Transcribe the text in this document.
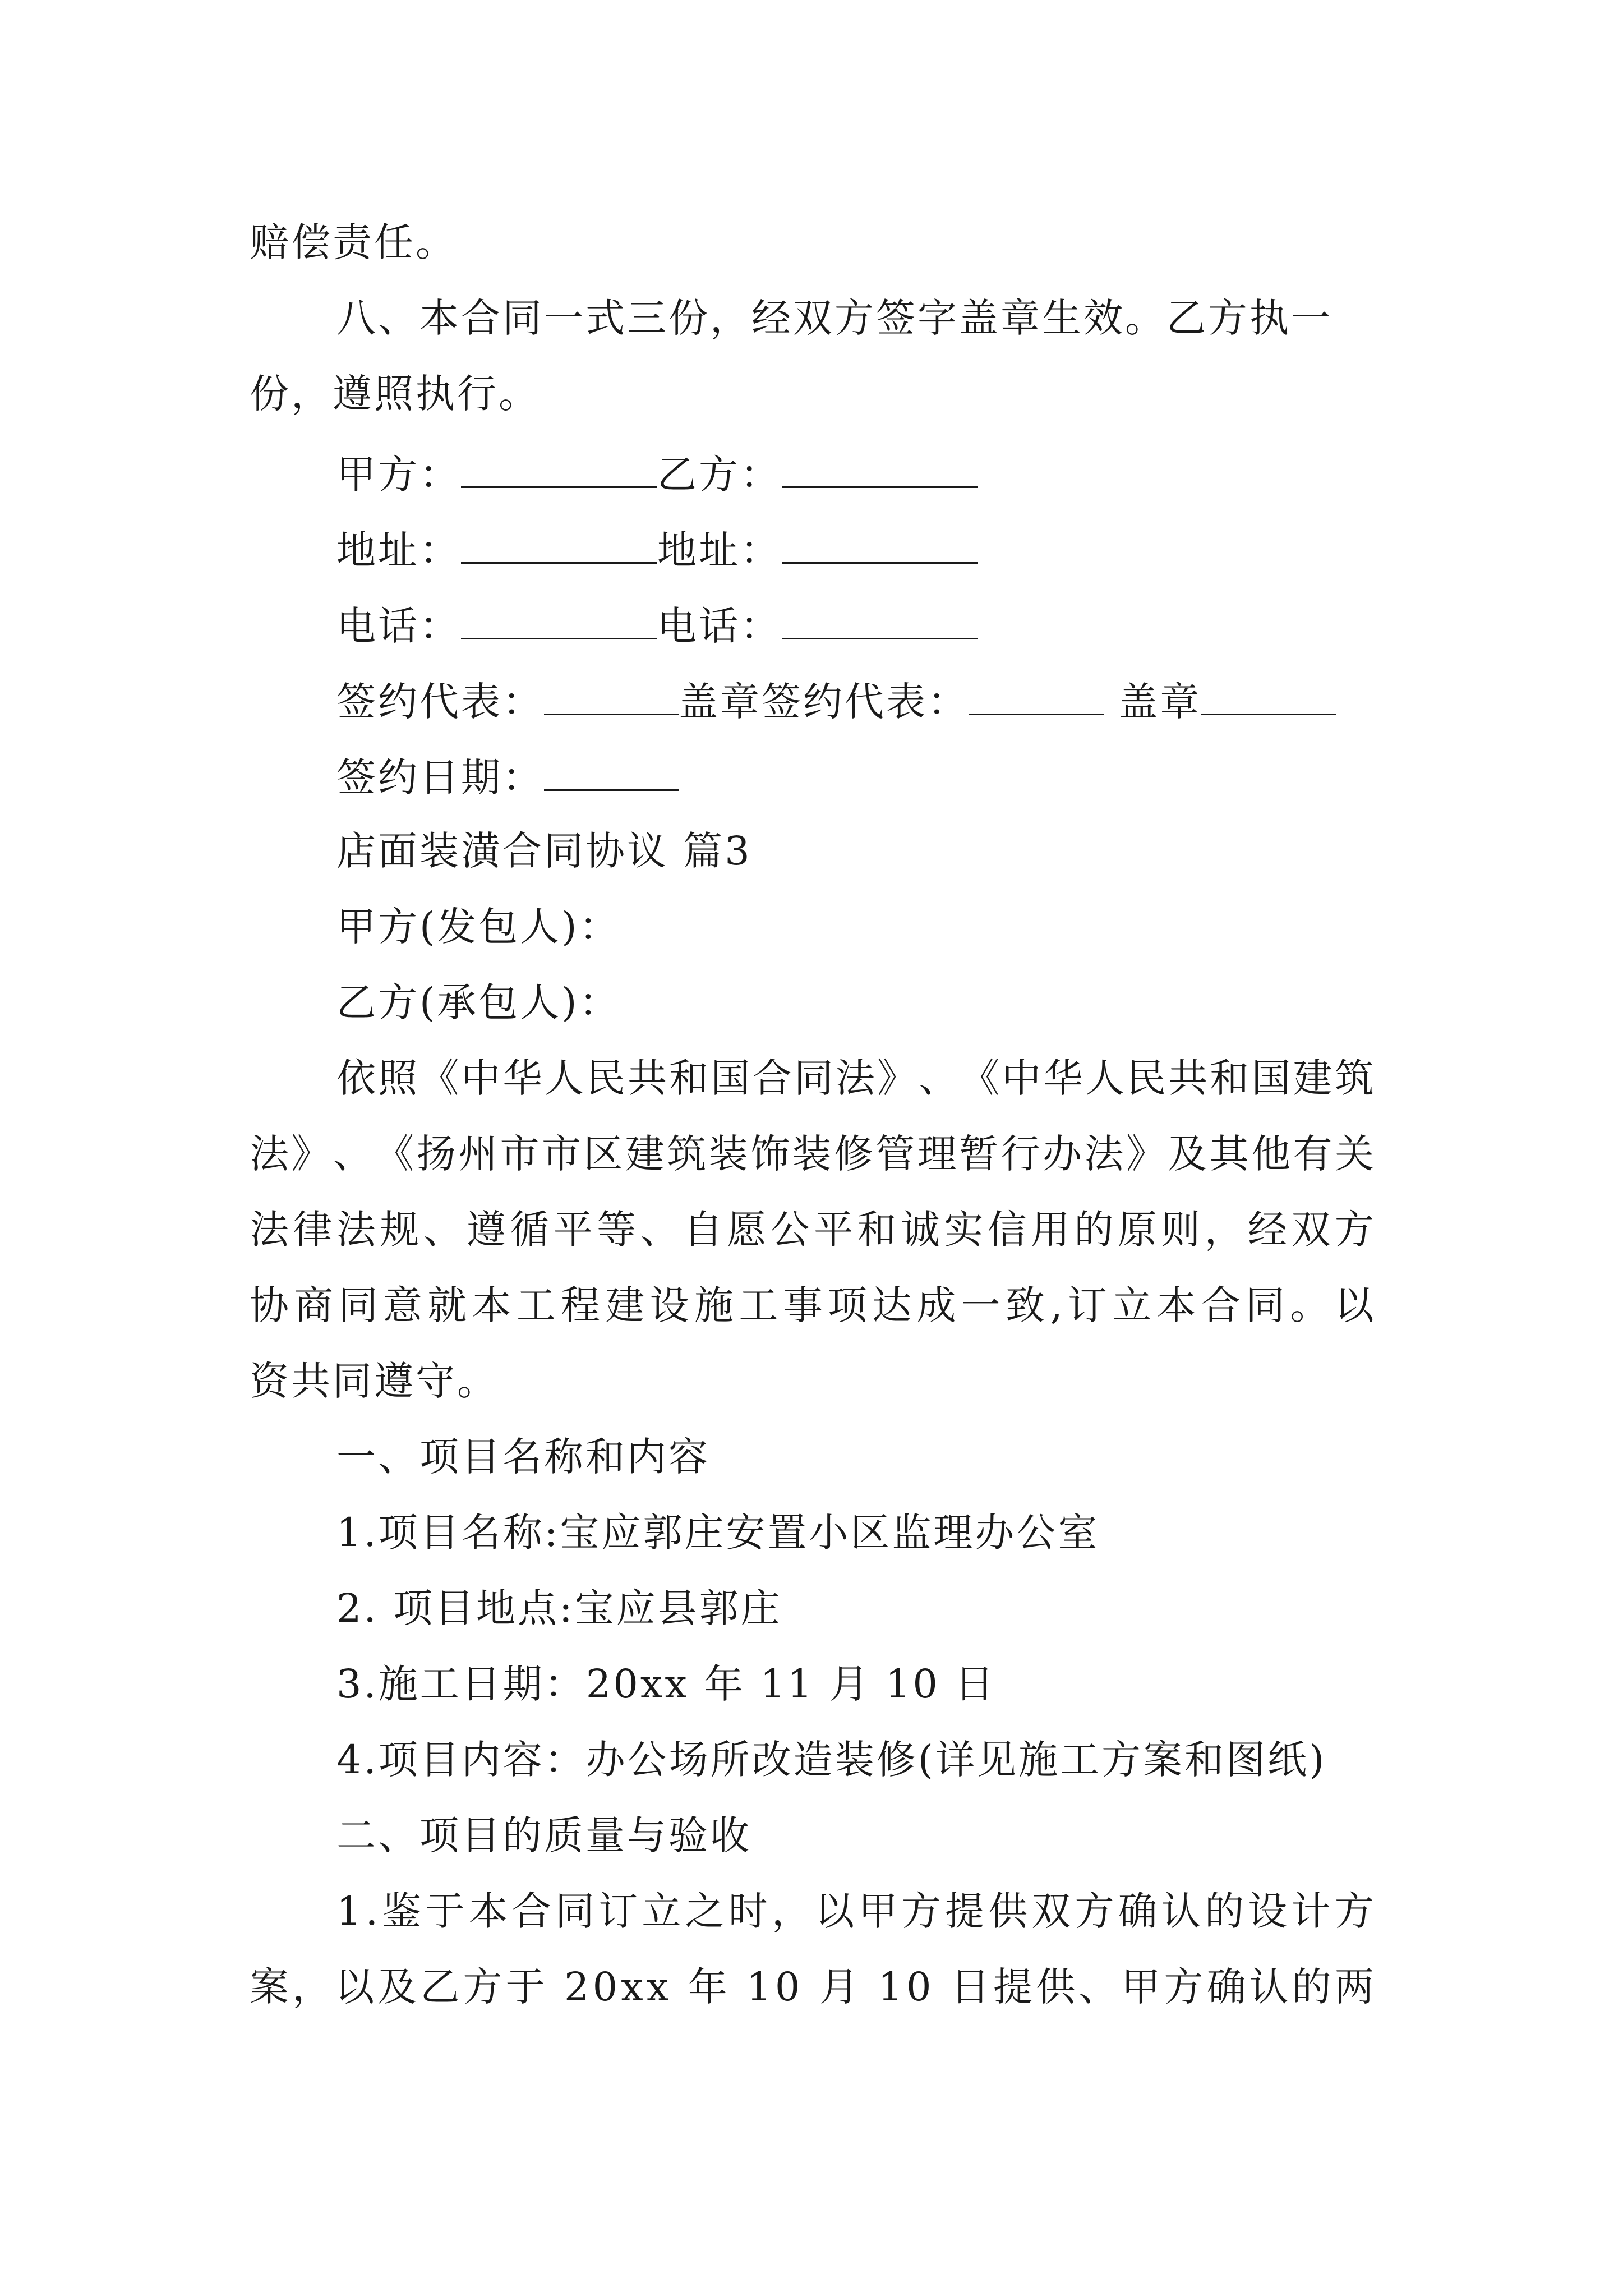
赔偿责任。
八、本合同一式三份，经双方签字盖章生效。乙方执一
份，遵照执行。
甲方：	乙方：
地址：	地址：
电话：	电话：
签约代表：	盖章签约代表：	盖章
签约日期：
店面装潢合同协议 篇3
甲方(发包人)：
乙方(承包人)：
依 照 《 中 华 人 民 共 和 国 合 同 法 》 、 《 中 华 人 民 共 和 国 建 筑
法 》 、 《 扬 州 市 市 区 建 筑 装 饰 装 修 管 理 暂 行 办 法 》 及 其 他 有 关
法 律 法 规 、 遵 循 平 等 、 自 愿 公 平 和 诚 实 信 用 的 原 则 ， 经 双 方
协 商 同 意 就 本 工 程 建 设 施 工 事 项 达 成 一 致 , 订 立 本 合 同 。 以
资共同遵守。
一、项目名称和内容
1.项目名称:宝应郭庄安置小区监理办公室
2. 项目地点:宝应县郭庄
3.施工日期：20xx 年 11 月 10 日
4.项目内容：办公场所改造装修(详见施工方案和图纸)
二、项目的质量与验收
1 . 鉴 于 本 合 同 订 立 之 时 ， 以 甲 方 提 供 双 方 确 认 的 设 计 方
案 ， 以 及 乙 方 于
2 0 x x
年
1 0
月
1 0
日 提 供 、 甲 方 确 认 的 两
